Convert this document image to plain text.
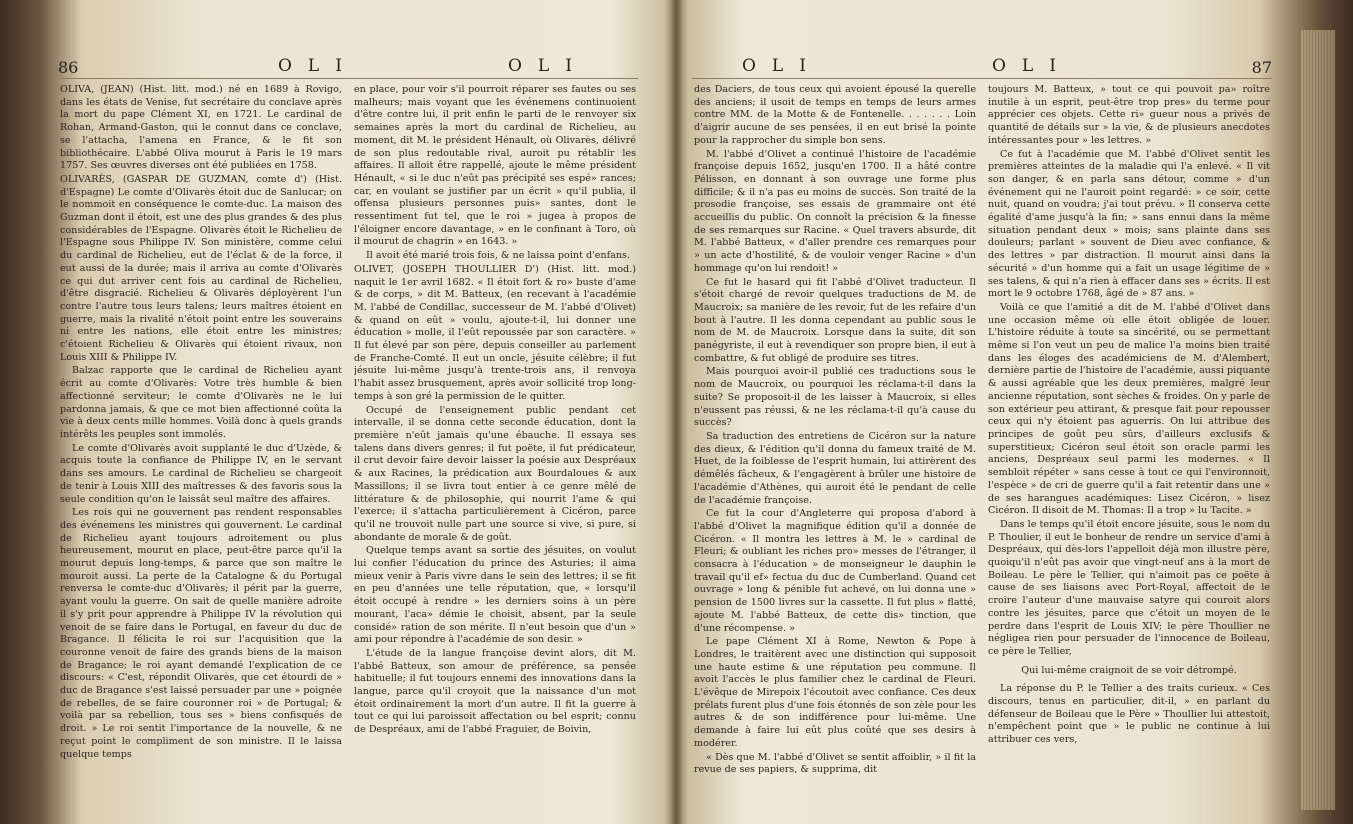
86	OLI	OLI

OLIVA, (JEAN) (Hist. litt. mod.) né en 1689 à Rovigo, dans les états de Venise, fut secrétaire du conclave après la mort du pape Clément XI, en 1721. Le cardinal de Rohan, Armand-Gaston, qui le connut dans ce conclave, se l'attacha, l'amena en France, & le fit son bibliothécaire. L'abbé Oliva mourut à Paris le 19 mars 1757. Ses œuvres diverses ont été publiées en 1758.

OLIVARÈS, (GASPAR DE GUZMAN, comte d') (Hist. d'Espagne) Le comte d'Olivarès étoit duc de Sanlucar; on le nommoit en conséquence le comte-duc. La maison des Guzman dont il étoit, est une des plus grandes & des plus considérables de l'Espagne. Olivarès étoit le Richelieu de l'Espagne sous Philippe IV. Son ministère, comme celui du cardinal de Richelieu, eut de l'éclat & de la force, il eut aussi de la durée; mais il arriva au comte d'Olivarès ce qui dut arriver cent fois au cardinal de Richelieu, d'être disgracié. Richelieu & Olivarès déployèrent l'un contre l'autre tous leurs talens; leurs maîtres étoient en guerre, mais la rivalité n'étoit point entre les souverains ni entre les nations, elle étoit entre les ministres; c'étoient Richelieu & Olivarès qui étoient rivaux, non Louis XIII & Philippe IV.

Balzac rapporte que le cardinal de Richelieu ayant écrit au comte d'Olivarès: Votre très humble & bien affectionné serviteur; le comte d'Olivarès ne le lui pardonna jamais, & que ce mot bien affectionné coûta la vie à deux cents mille hommes. Voilà donc à quels grands intérêts les peuples sont immolés.

Le comte d'Olivarès avoit supplanté le duc d'Uzède, & acquis toute la confiance de Philippe IV, en le servant dans ses amours. Le cardinal de Richelieu se chargeoit de tenir à Louis XIII des maîtresses & des favoris sous la seule condition qu'on le laissât seul maître des affaires.

Les rois qui ne gouvernent pas rendent responsables des événemens les ministres qui gouvernent. Le cardinal de Richelieu ayant toujours adroitement ou plus heureusement, mourut en place, peut-être parce qu'il la mourut depuis long-temps, & parce que son maître le mouroit aussi. La perte de la Catalogne & du Portugal renversa le comte-duc d'Olivarès; il périt par la guerre, ayant voulu la guerre. On sait de quelle manière adroite il s'y prit pour apprendre à Philippe IV la révolution qui venoit de se faire dans le Portugal, en faveur du duc de Bragance. Il félicita le roi sur l'acquisition que la couronne venoit de faire des grands biens de la maison de Bragance; le roi ayant demandé l'explication de ce discours: « C'est, répondit Olivarès, que cet étourdi de » duc de Bragance s'est laissé persuader par une » poignée de rebelles, de se faire couronner roi » de Portugal; & voilà par sa rebellion, tous ses » biens confisqués de droit. » Le roi sentit l'importance de la nouvelle, & ne reçut point le compliment de son ministre. Il le laissa quelque temps

en place, pour voir s'il pourroit réparer ses fautes ou ses malheurs; mais voyant que les événemens continuoient d'être contre lui, il prit enfin le parti de le renvoyer six semaines après la mort du cardinal de Richelieu, au moment, dit M. le président Hénault, où Olivarès, délivré de son plus redoutable rival, auroit pu rétablir les affaires. Il alloit être rappellé, ajoute le même président Hénault, « si le duc n'eût pas précipité ses espé» rances; car, en voulant se justifier par un écrit » qu'il publia, il offensa plusieurs personnes puis» santes, dont le ressentiment fut tel, que le roi » jugea à propos de l'éloigner encore davantage, » en le confinant à Toro, où il mourut de chagrin » en 1643. »

Il avoit été marié trois fois, & ne laissa point d'enfans.

OLIVET, (JOSEPH THOULLIER D') (Hist. litt. mod.) naquit le 1er avril 1682. « Il étoit fort & ro» buste d'ame & de corps, » dit M. Batteux, (en recevant à l'académie M. l'abbé de Condillac, successeur de M. l'abbé d'Olivet) & quand on eût » voulu, ajoute-t-il, lui donner une éducation » molle, il l'eût repoussée par son caractère. » Il fut élevé par son père, depuis conseiller au parlement de Franche-Comté. Il eut un oncle, jésuite célèbre; il fut jésuite lui-même jusqu'à trente-trois ans, il renvoya l'habit assez brusquement, après avoir sollicité trop long-temps à son gré la permission de le quitter.

Occupé de l'enseignement public pendant cet intervalle, il se donna cette seconde éducation, dont la première n'eût jamais qu'une ébauche. Il essaya ses talens dans divers genres; il fut poëte, il fut prédicateur, il crut devoir faire devoir laisser la poésie aux Despréaux & aux Racines, la prédication aux Bourdaloues & aux Massillons; il se livra tout entier à ce genre mêlé de littérature & de philosophie, qui nourrit l'ame & qui l'exerce; il s'attacha particulièrement à Cicéron, parce qu'il ne trouvoit nulle part une source si vive, si pure, si abondante de morale & de goût.

Quelque temps avant sa sortie des jésuites, on voulut lui confier l'éducation du prince des Asturies; il aima mieux venir à Paris vivre dans le sein des lettres; il se fit en peu d'années une telle réputation, que, « lorsqu'il étoit occupé à rendre » les derniers soins à un père mourant, l'aca» démie le choisit, absent, par la seule considé» ration de son mérite. Il n'eut besoin que d'un » ami pour répondre à l'académie de son desir. »

L'étude de la langue françoise devint alors, dit M. l'abbé Batteux, son amour de préférence, sa pensée habituelle; il fut toujours ennemi des innovations dans la langue, parce qu'il croyoit que la naissance d'un mot étoit ordinairement la mort d'un autre. Il fit la guerre à tout ce qui lui paroissoit affectation ou bel esprit; connu de Despréaux, ami de l'abbé Fraguier, de Boivin,

OLI	OLI	87

des Daciers, de tous ceux qui avoient épousé la querelle des anciens; il usoit de temps en temps de leurs armes contre MM. de la Motte & de Fontenelle. . . . . . . Loin d'aigrir aucune de ses pensées, il en eut brisé la pointe pour la rapprocher du simple bon sens.

M. l'abbé d'Olivet a continué l'histoire de l'académie françoise depuis 1652, jusqu'en 1700. Il a hâté contre Pélisson, en donnant à son ouvrage une forme plus difficile; & il n'a pas eu moins de succès. Son traité de la prosodie françoise, ses essais de grammaire ont été accueillis du public. On connoît la précision & la finesse de ses remarques sur Racine. « Quel travers absurde, dit M. l'abbé Batteux, « d'aller prendre ces remarques pour » un acte d'hostilité, & de vouloir venger Racine » d'un hommage qu'on lui rendoit! »

Ce fut le hasard qui fit l'abbé d'Olivet traducteur. Il s'étoit chargé de revoir quelques traductions de M. de Maucroix; sa manière de les revoir, fut de les refaire d'un bout à l'autre. Il les donna cependant au public sous le nom de M. de Maucroix. Lorsque dans la suite, dit son panégyriste, il eut à revendiquer son propre bien, il eut à combattre, & fut obligé de produire ses titres.

Mais pourquoi avoir-il publié ces traductions sous le nom de Maucroix, ou pourquoi les réclama-t-il dans la suite? Se proposoit-il de les laisser à Maucroix, si elles n'eussent pas réussi, & ne les réclama-t-il qu'à cause du succès?

Sa traduction des entretiens de Cicéron sur la nature des dieux, & l'édition qu'il donna du fameux traité de M. Huet, de la foiblesse de l'esprit humain, lui attirèrent des démêlés fâcheux, & l'engagèrent à brûler une histoire de l'académie d'Athènes, qui auroit été le pendant de celle de l'académie françoise.

Ce fut la cour d'Angleterre qui proposa d'abord à l'abbé d'Olivet la magnifique édition qu'il a donnée de Cicéron. « Il montra les lettres à M. le » cardinal de Fleuri; & oubliant les riches pro» messes de l'étranger, il consacra à l'éducation » de monseigneur le dauphin le travail qu'il ef» fectua du duc de Cumberland. Quand cet ouvrage » long & pénible fut achevé, on lui donna une » pension de 1500 livres sur la cassette. Il fut plus » flatté, ajoute M. l'abbé Batteux, de cette dis» tinction, que d'une récompense. »

Le pape Clément XI à Rome, Newton & Pope à Londres, le traitèrent avec une distinction qui supposoit une haute estime & une réputation peu commune. Il avoit l'accès le plus familier chez le cardinal de Fleuri. L'évêque de Mirepoix l'écoutoit avec confiance. Ces deux prélats furent plus d'une fois étonnés de son zèle pour les autres & de son indifférence pour lui-même. Une demande à faire lui eût plus coûté que ses desirs à modérer.

« Dès que M. l'abbé d'Olivet se sentit affoiblir, » il fit la revue de ses papiers, & supprima, dit

toujours M. Batteux, » tout ce qui pouvoit pa» roître inutile à un esprit, peut-être trop pres» du terme pour apprécier ces objets. Cette ri» gueur nous a privés de quantité de détails sur » la vie, & de plusieurs anecdotes intéressantes pour » les lettres. »

Ce fut à l'académie que M. l'abbé d'Olivet sentit les premières atteintes de la maladie qui l'a enlevé. « Il vit son danger, & en parla sans détour, comme » d'un événement qui ne l'auroit point regardé: » ce soir, cette nuit, quand on voudra; j'ai tout prévu. » Il conserva cette égalité d'ame jusqu'à la fin; » sans ennui dans la même situation pendant deux » mois; sans plainte dans ses douleurs; parlant » souvent de Dieu avec confiance, & des lettres » par distraction. Il mourut ainsi dans la sécurité » d'un homme qui a fait un usage légitime de » ses talens, & qui n'a rien à effacer dans ses » écrits. Il est mort le 9 octobre 1768, âgé de » 87 ans. »

Voilà ce que l'amitié a dit de M. l'abbé d'Olivet dans une occasion même où elle étoit obligée de louer. L'histoire réduite à toute sa sincérité, ou se permettant même si l'on veut un peu de malice l'a moins bien traité dans les éloges des académiciens de M. d'Alembert, dernière partie de l'histoire de l'académie, aussi piquante & aussi agréable que les deux premières, malgré leur ancienne réputation, sont sèches & froides. On y parle de son extérieur peu attirant, & presque fait pour repousser ceux qui n'y étoient pas aguerris. On lui attribue des principes de goût peu sûrs, d'ailleurs exclusifs & superstitieux; Cicéron seul étoit son oracle parmi les anciens, Despréaux seul parmi les modernes. « Il sembloit répéter » sans cesse à tout ce qui l'environnoit, l'espèce » de cri de guerre qu'il a fait retentir dans une » de ses harangues académiques: Lisez Cicéron, » lisez Cicéron. Il disoit de M. Thomas: Il a trop » lu Tacite. »

Dans le temps qu'il étoit encore jésuite, sous le nom du P. Thoulier, il eut le bonheur de rendre un service d'ami à Despréaux, qui dès-lors l'appelloit déjà mon illustre père, quoiqu'il n'eût pas avoir que vingt-neuf ans à la mort de Boileau. Le père le Tellier, qui n'aimoit pas ce poëte à cause de ses liaisons avec Port-Royal, affectoit de le croire l'auteur d'une mauvaise satyre qui couroit alors contre les jésuites, parce que c'étoit un moyen de le perdre dans l'esprit de Louis XIV; le père Thoullier ne négligea rien pour persuader de l'innocence de Boileau, ce père le Tellier,

Qui lui-même craignoit de se voir détrompé.

La réponse du P. le Tellier a des traits curieux. « Ces discours, tenus en particulier, dit-il, » en parlant du défenseur de Boileau que le Père » Thoullier lui attestoit, n'empêchent point que » le public ne continue à lui attribuer ces vers,
